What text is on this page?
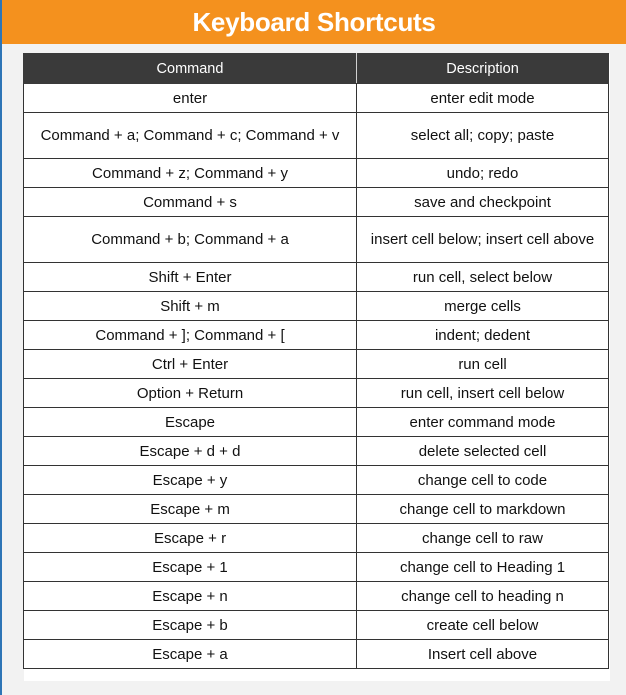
Keyboard Shortcuts
Command	Description
enter	enter edit mode
Command + a; Command + c; Command + v	select all; copy; paste
Command + z; Command + y	undo; redo
Command + s	save and checkpoint
Command + b; Command + a	insert cell below; insert cell above
Shift + Enter	run cell, select below
Shift + m	merge cells
Command + ]; Command + [	indent; dedent
Ctrl + Enter	run cell
Option + Return	run cell, insert cell below
Escape	enter command mode
Escape + d + d	delete selected cell
Escape + y	change cell to code
Escape + m	change cell to markdown
Escape + r	change cell to raw
Escape + 1	change cell to Heading 1
Escape + n	change cell to heading n
Escape + b	create cell below
Escape + a	Insert cell above
